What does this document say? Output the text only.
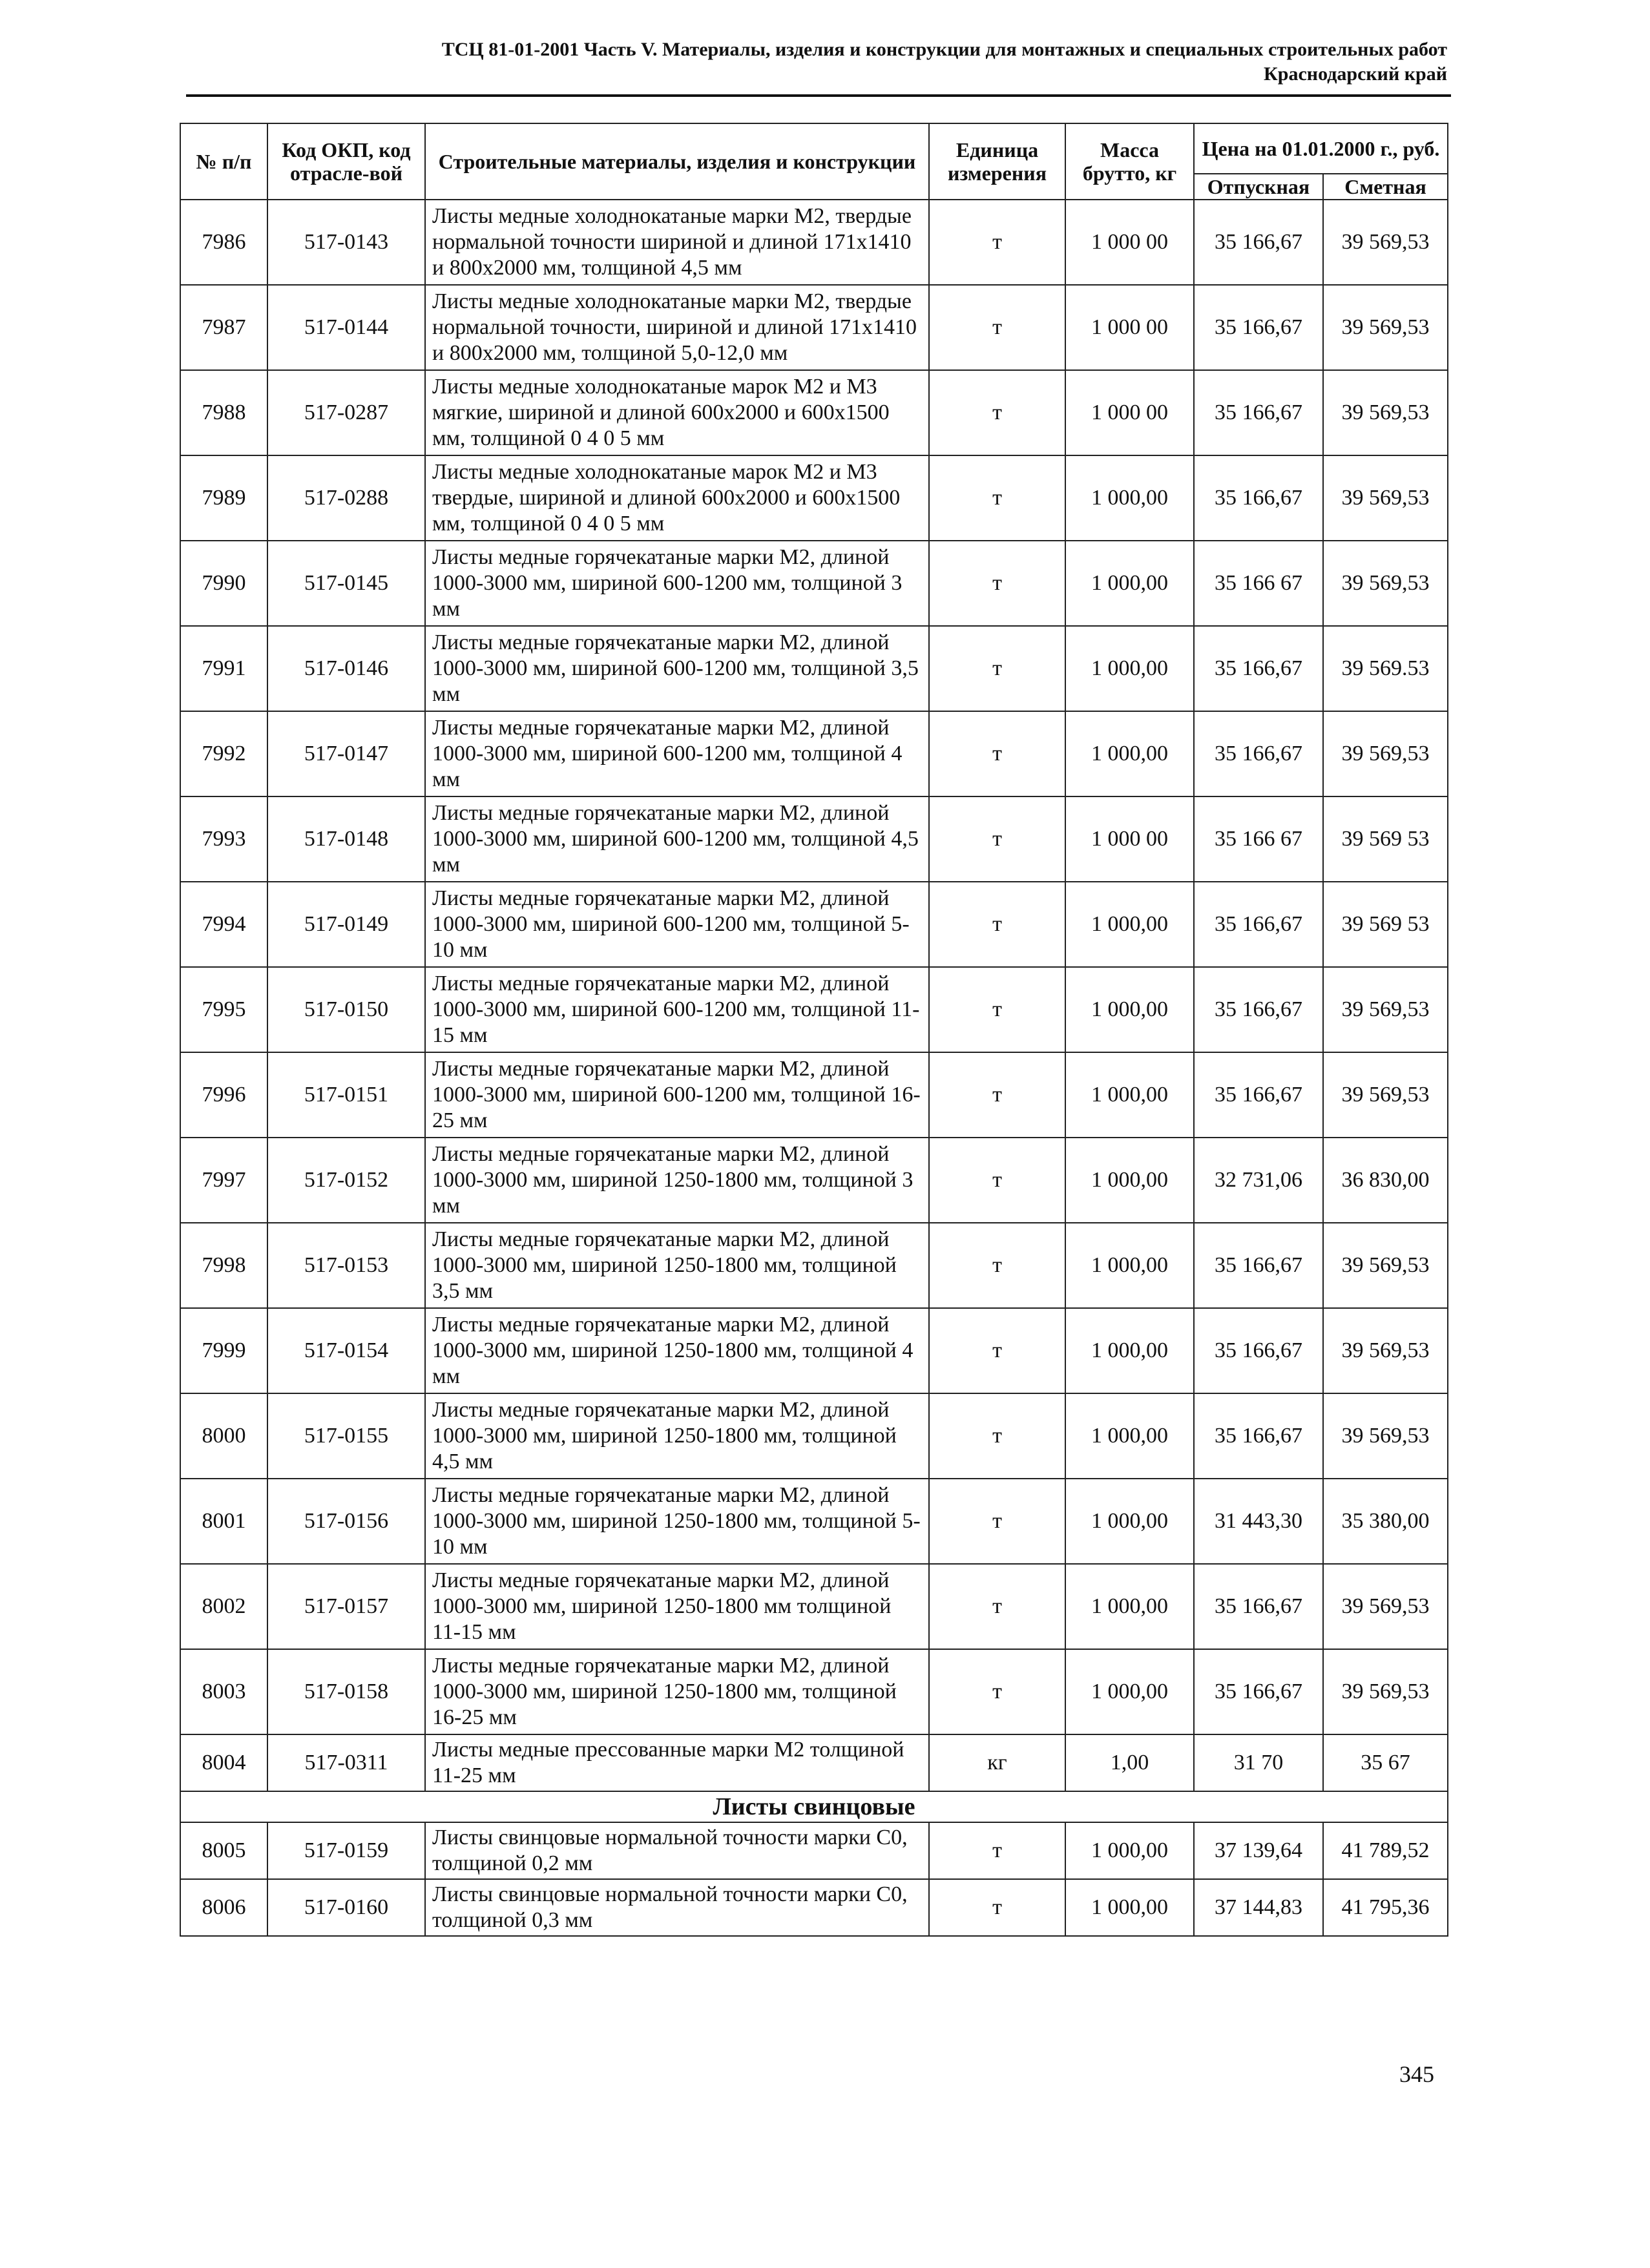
ТСЦ 81-01-2001 Часть V. Материалы, изделия и конструкции для монтажных и специальных строительных работ
Краснодарский край
№ п/п	Код ОКП, код отрасле-вой	Строительные материалы, изделия и конструкции	Единица измерения	Масса брутто, кг	Цена на 01.01.2000 г., руб.	
					Отпускная	Сметная
7986	517-0143	Листы медные холоднокатаные марки М2, твердые нормальной точности шириной и длиной 171х1410 и 800х2000 мм, толщиной 4,5 мм	т	1 000 00	35 166,67	39 569,53
7987	517-0144	Листы медные холоднокатаные марки М2, твердые нормальной точности, шириной и длиной 171х1410 и 800х2000 мм, толщиной 5,0-12,0 мм	т	1 000 00	35 166,67	39 569,53
7988	517-0287	Листы медные холоднокатаные марок М2 и М3 мягкие, шириной и длиной 600х2000 и 600х1500 мм, толщиной 0 4 0 5 мм	т	1 000 00	35 166,67	39 569,53
7989	517-0288	Листы медные холоднокатаные марок М2 и М3 твердые, шириной и длиной 600х2000 и 600х1500 мм, толщиной 0 4 0 5 мм	т	1 000,00	35 166,67	39 569,53
7990	517-0145	Листы медные горячекатаные марки М2, длиной 1000-3000 мм, шириной 600-1200 мм, толщиной 3 мм	т	1 000,00	35 166 67	39 569,53
7991	517-0146	Листы медные горячекатаные марки М2, длиной 1000-3000 мм, шириной 600-1200 мм, толщиной 3,5 мм	т	1 000,00	35 166,67	39 569.53
7992	517-0147	Листы медные горячекатаные марки М2, длиной 1000-3000 мм, шириной 600-1200 мм, толщиной 4 мм	т	1 000,00	35 166,67	39 569,53
7993	517-0148	Листы медные горячекатаные марки М2, длиной 1000-3000 мм, шириной 600-1200 мм, толщиной 4,5 мм	т	1 000 00	35 166 67	39 569 53
7994	517-0149	Листы медные горячекатаные марки М2, длиной 1000-3000 мм, шириной 600-1200 мм, толщиной 5-10 мм	т	1 000,00	35 166,67	39 569 53
7995	517-0150	Листы медные горячекатаные марки М2, длиной 1000-3000 мм, шириной 600-1200 мм, толщиной 11-15 мм	т	1 000,00	35 166,67	39 569,53
7996	517-0151	Листы медные горячекатаные марки М2, длиной 1000-3000 мм, шириной 600-1200 мм, толщиной 16-25 мм	т	1 000,00	35 166,67	39 569,53
7997	517-0152	Листы медные горячекатаные марки М2, длиной 1000-3000 мм, шириной 1250-1800 мм, толщиной 3 мм	т	1 000,00	32 731,06	36 830,00
7998	517-0153	Листы медные горячекатаные марки М2, длиной 1000-3000 мм, шириной 1250-1800 мм, толщиной 3,5 мм	т	1 000,00	35 166,67	39 569,53
7999	517-0154	Листы медные горячекатаные марки М2, длиной 1000-3000 мм, шириной 1250-1800 мм, толщиной 4 мм	т	1 000,00	35 166,67	39 569,53
8000	517-0155	Листы медные горячекатаные марки М2, длиной 1000-3000 мм, шириной 1250-1800 мм, толщиной 4,5 мм	т	1 000,00	35 166,67	39 569,53
8001	517-0156	Листы медные горячекатаные марки М2, длиной 1000-3000 мм, шириной 1250-1800 мм, толщиной 5-10 мм	т	1 000,00	31 443,30	35 380,00
8002	517-0157	Листы медные горячекатаные марки М2, длиной 1000-3000 мм, шириной 1250-1800 мм толщиной 11-15 мм	т	1 000,00	35 166,67	39 569,53
8003	517-0158	Листы медные горячекатаные марки М2, длиной 1000-3000 мм, шириной 1250-1800 мм, толщиной 16-25 мм	т	1 000,00	35 166,67	39 569,53
8004	517-0311	Листы медные прессованные марки М2 толщиной 11-25 мм	кг	1,00	31 70	35 67
Листы свинцовые						
8005	517-0159	Листы свинцовые нормальной точности марки С0, толщиной 0,2 мм	т	1 000,00	37 139,64	41 789,52
8006	517-0160	Листы свинцовые нормальной точности марки С0, толщиной 0,3 мм	т	1 000,00	37 144,83	41 795,36
345
